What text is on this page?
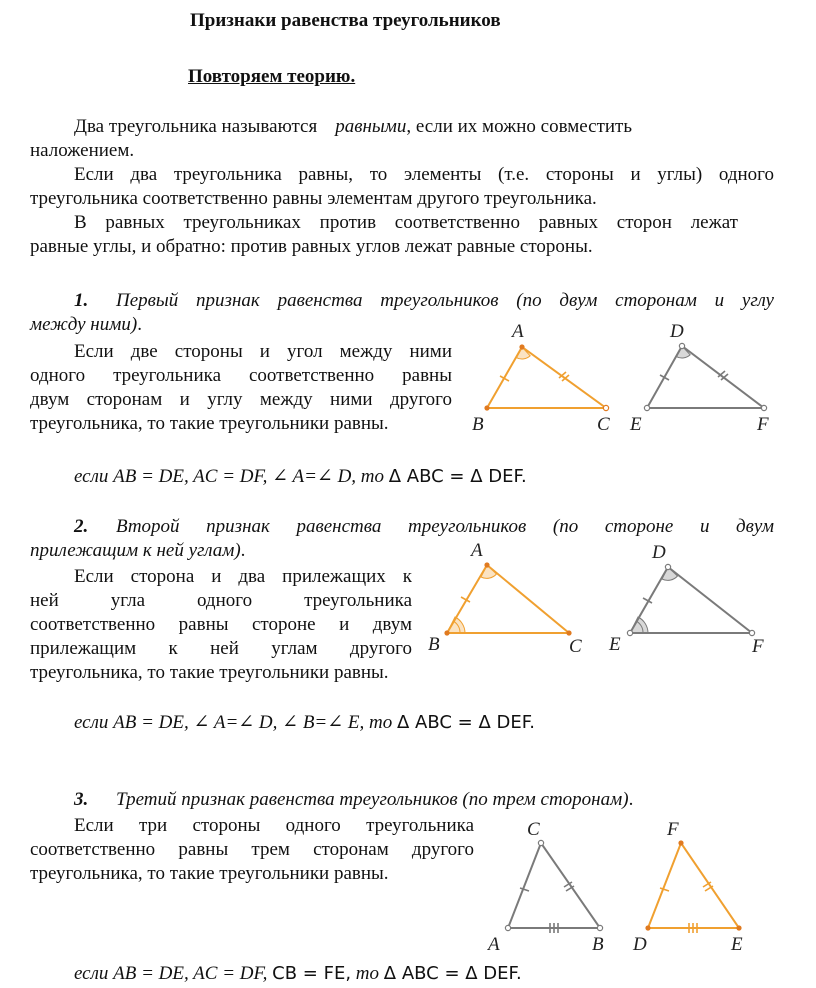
Признаки равенства треугольников
Повторяем теорию.
Два треугольника называются равными, если их можно совместить
наложением.
Если два треугольника равны, то элементы (т.е. стороны и углы) одного
треугольника соответственно равны элементам другого треугольника.
В равных треугольниках против соответственно равных сторон лежат
равные углы, и обратно: против равных углов лежат равные стороны.
1.	Первый признак равенства треугольников (по двум сторонам и углу
между ними).
Если две стороны и угол между ними
одного треугольника соответственно равны
двум сторонам и углу между ними другого
треугольника, то такие треугольники равны.
A
B	C
D
E	F
если AB = DE, AC = DF, ∠ A=∠ D, то Δ ABC = Δ DEF.
2.	Второй признак равенства треугольников (по стороне и двум
прилежащим к ней углам).
Если сторона и два прилежащих к
ней угла одного треугольника
соответственно равны стороне и двум
прилежащим к ней углам другого
треугольника, то такие треугольники равны.
A
B	C
D
E	F
если AB = DE, ∠ A=∠ D, ∠ B=∠ E, то Δ ABC = Δ DEF.
3. Третий признак равенства треугольников (по трем сторонам).
Если три стороны одного треугольника
соответственно равны трем сторонам другого
треугольника, то такие треугольники равны.
C
A	B
F
D	E
если AB = DE, AC = DF, CB = FE, то Δ ABC = Δ DEF.
